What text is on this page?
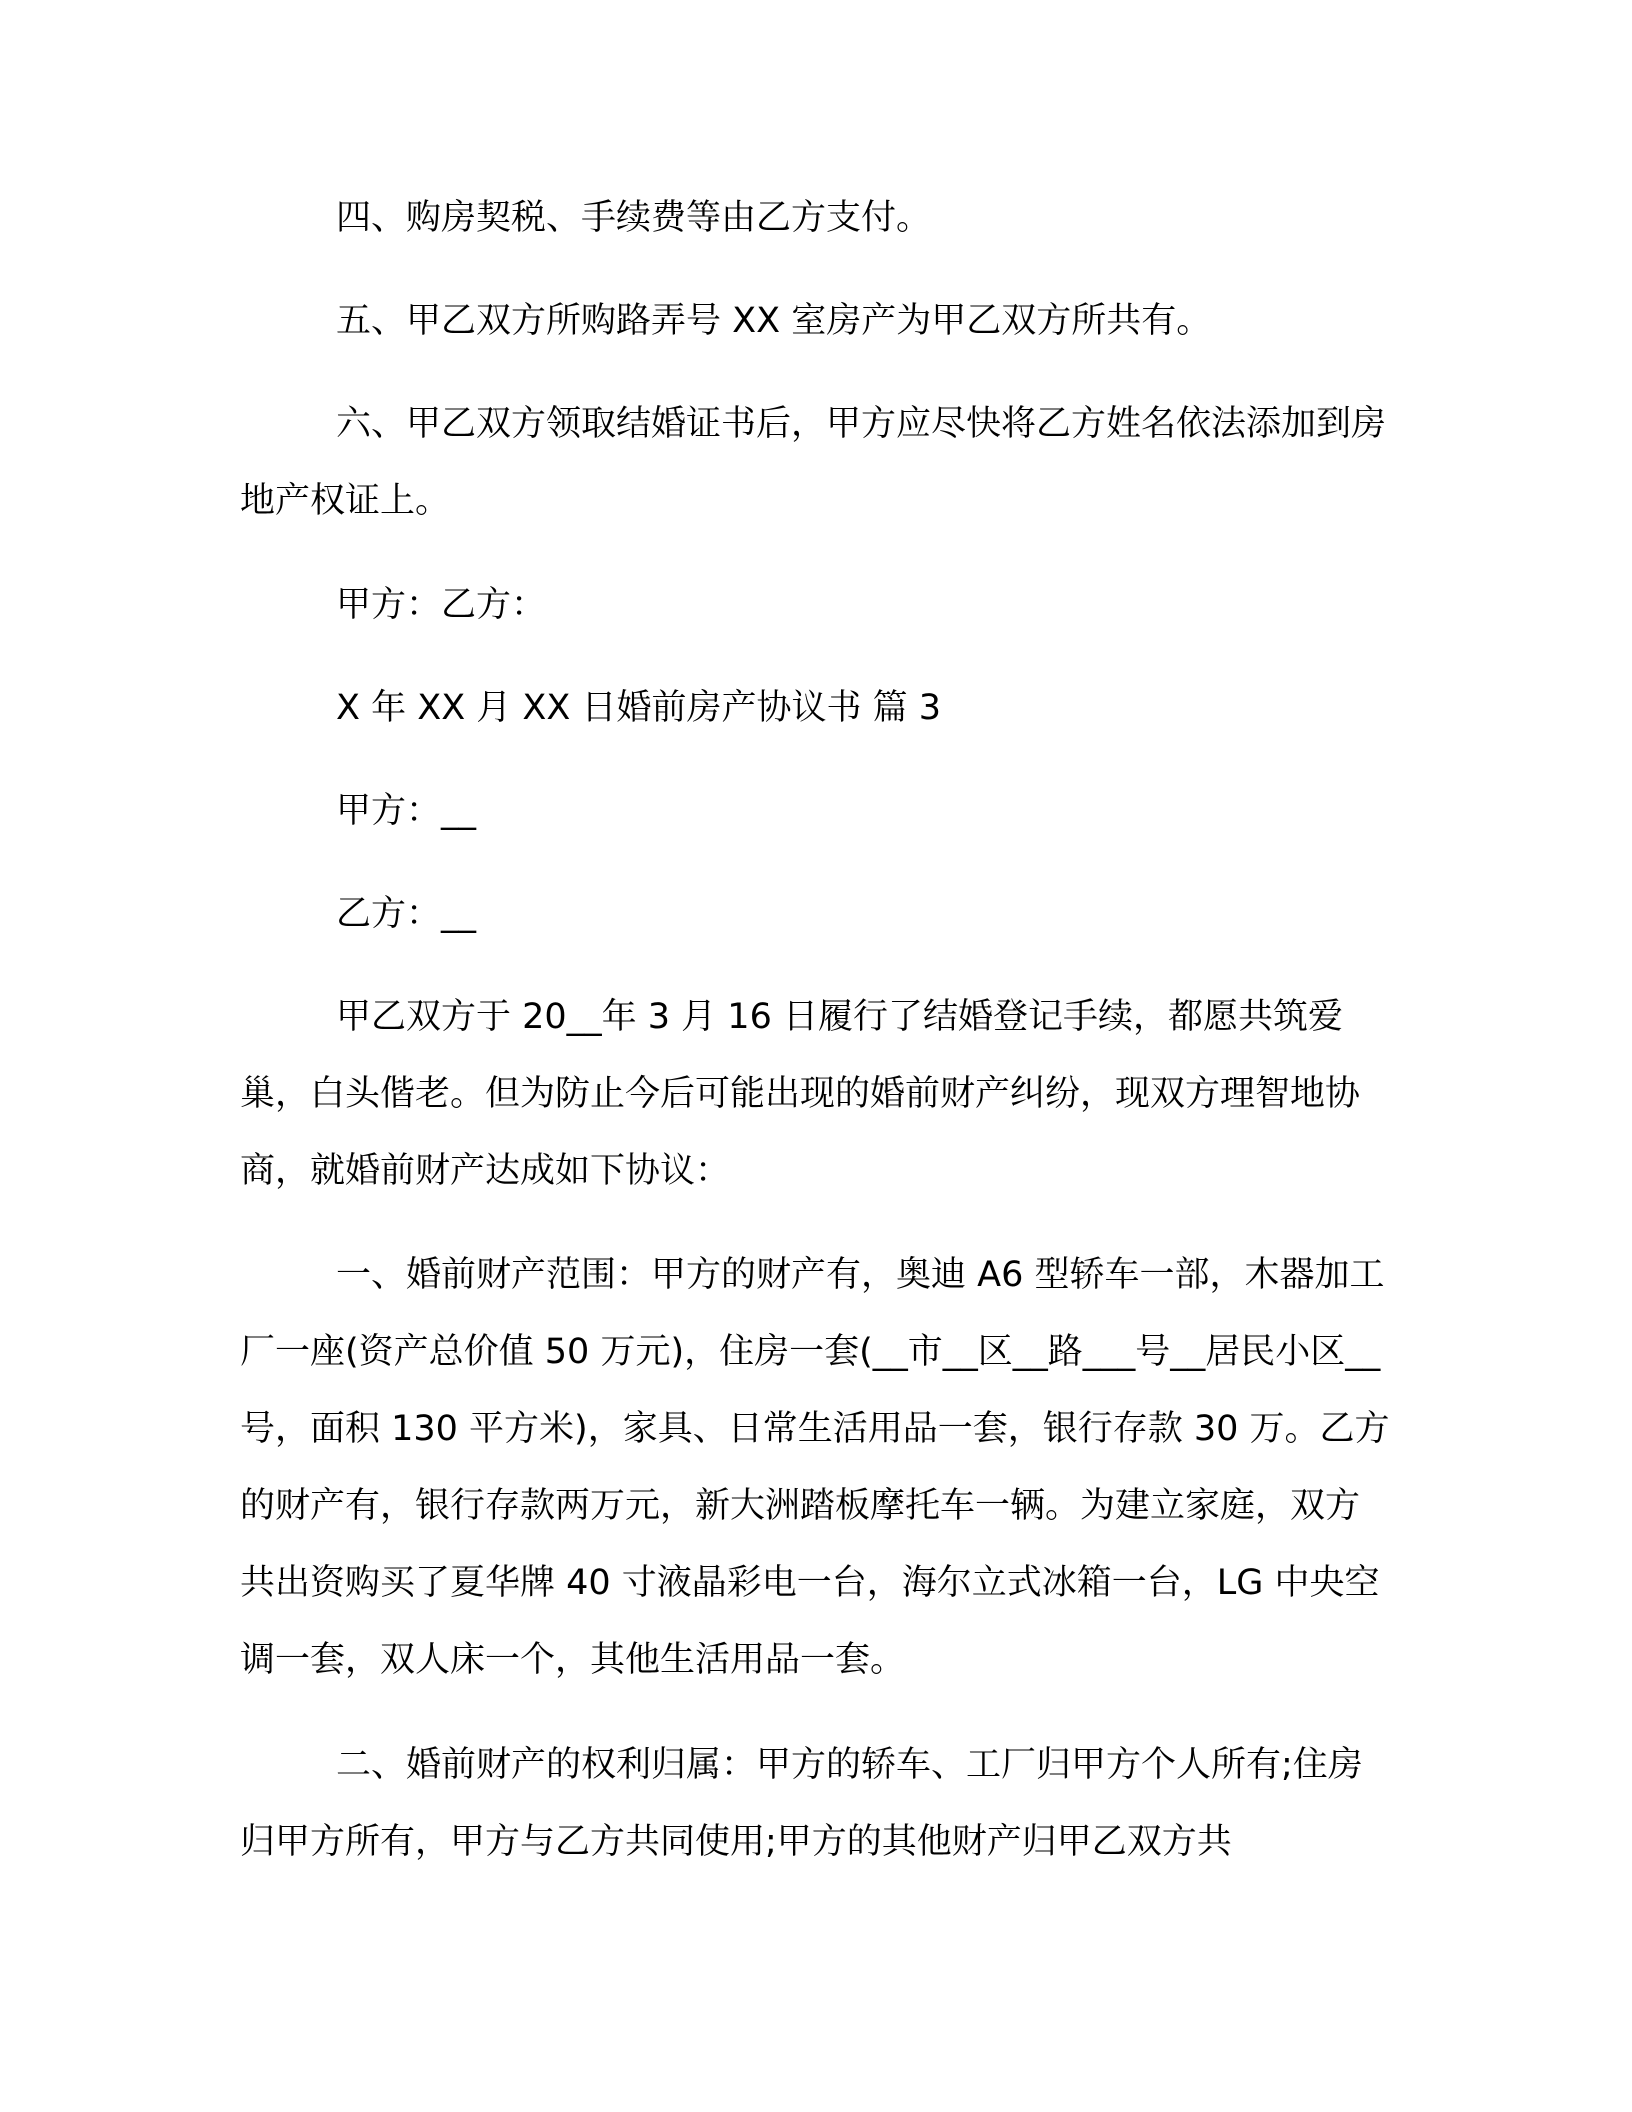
四、购房契税、手续费等由乙方支付。

五、甲乙双方所购路弄号 XX 室房产为甲乙双方所共有。

六、甲乙双方领取结婚证书后，甲方应尽快将乙方姓名依法添加到房地产权证上。

甲方：乙方：

X 年 XX 月 XX 日婚前房产协议书 篇 3

甲方：__

乙方：__

甲乙双方于 20__年 3 月 16 日履行了结婚登记手续，都愿共筑爱巢，白头偕老。但为防止今后可能出现的婚前财产纠纷，现双方理智地协商，就婚前财产达成如下协议：

一、婚前财产范围：甲方的财产有，奥迪 A6 型轿车一部，木器加工厂一座(资产总价值 50 万元)，住房一套(__市__区__路___号__居民小区__号，面积 130 平方米)，家具、日常生活用品一套，银行存款 30 万。乙方的财产有，银行存款两万元，新大洲踏板摩托车一辆。为建立家庭，双方共出资购买了夏华牌 40 寸液晶彩电一台，海尔立式冰箱一台，LG 中央空调一套，双人床一个，其他生活用品一套。

二、婚前财产的权利归属：甲方的轿车、工厂归甲方个人所有;住房归甲方所有，甲方与乙方共同使用;甲方的其他财产归甲乙双方共
